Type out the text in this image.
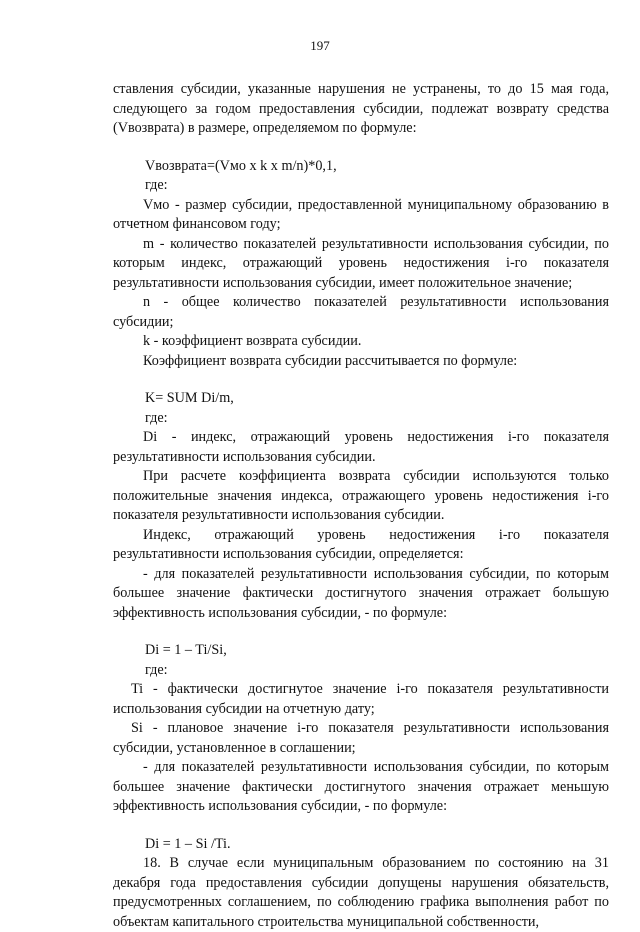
197

ставления субсидии, указанные нарушения не устранены, то до 15 мая года, следующего за годом предоставления субсидии, подлежат возврату средства (Vвозврата) в размере, определяемом по формуле:

Vвозврата=(Vмо x k x m/n)*0,1,

где:

Vмо - размер субсидии, предоставленной муниципальному образованию в отчетном финансовом году;

m - количество показателей результативности использования субсидии, по которым индекс, отражающий уровень недостижения i-го показателя результативности использования субсидии, имеет положительное значение;

n - общее количество показателей результативности использования субсидии;

k - коэффициент возврата субсидии.

Коэффициент возврата субсидии рассчитывается по формуле:

K= SUM Di/m,

где:

Di - индекс, отражающий уровень недостижения i-го показателя результативности использования субсидии.

При расчете коэффициента возврата субсидии используются только положительные значения индекса, отражающего уровень недостижения i-го показателя результативности использования субсидии.

Индекс, отражающий уровень недостижения i-го показателя результативности использования субсидии, определяется:

- для показателей результативности использования субсидии, по которым большее значение фактически достигнутого значения отражает большую эффективность использования субсидии, - по формуле:

Di = 1 – Ti/Si,

где:

Ti - фактически достигнутое значение i-го показателя результативности использования субсидии на отчетную дату;

Si - плановое значение i-го показателя результативности использования субсидии, установленное в соглашении;

- для показателей результативности использования субсидии, по которым большее значение фактически достигнутого значения отражает меньшую эффективность использования субсидии, - по формуле:

Di = 1 – Si /Ti.

18. В случае если муниципальным образованием по состоянию на 31 декабря года предоставления субсидии допущены нарушения обязательств, предусмотренных соглашением, по соблюдению графика выполнения работ по объектам капитального строительства муниципальной собственности,
